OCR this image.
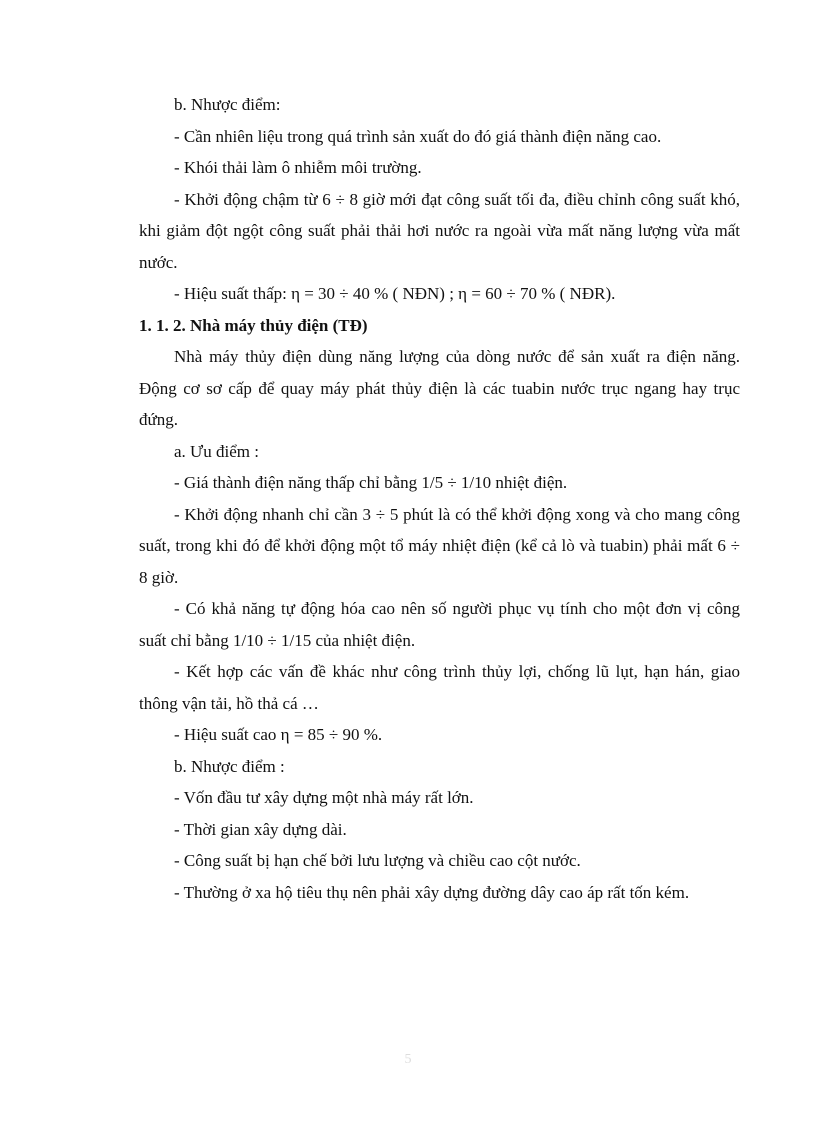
b. Nhược điểm:

- Cần nhiên liệu trong quá trình sản xuất do đó giá thành điện năng cao.

- Khói thải làm ô nhiễm môi trường.

- Khởi động chậm từ 6 ÷ 8 giờ mới đạt công suất tối đa, điều chỉnh công suất khó, khi giảm đột ngột công suất phải thải hơi nước ra ngoài vừa mất năng lượng vừa mất nước.

- Hiệu suất thấp: η = 30 ÷ 40 % ( NĐN) ; η = 60 ÷ 70 % ( NĐR).

1. 1. 2. Nhà máy thủy điện (TĐ)

Nhà máy thủy điện dùng năng lượng của dòng nước để sản xuất ra điện năng. Động cơ sơ cấp để quay máy phát thủy điện là các tuabin nước trục ngang hay trục đứng.

a. Ưu điểm :

- Giá thành điện năng thấp chỉ bằng 1/5 ÷ 1/10 nhiệt điện.

- Khởi động nhanh chỉ cần 3 ÷ 5 phút là có thể khởi động xong và cho mang công suất, trong khi đó để khởi động một tổ máy nhiệt điện (kể cả lò và tuabin) phải mất 6 ÷ 8 giờ.

- Có khả năng tự động hóa cao nên số người phục vụ tính cho một đơn vị công suất chỉ bằng 1/10 ÷ 1/15 của nhiệt điện.

- Kết hợp các vấn đề khác như công trình thủy lợi, chống lũ lụt, hạn hán, giao thông vận tải, hồ thả cá …

- Hiệu suất cao η = 85 ÷ 90 %.

b. Nhược điểm :

- Vốn đầu tư xây dựng một nhà máy rất lớn.

- Thời gian xây dựng dài.

- Công suất bị hạn chế bởi lưu lượng và chiều cao cột nước.

- Thường ở xa hộ tiêu thụ nên phải xây dựng đường dây cao áp rất tốn kém.

5
